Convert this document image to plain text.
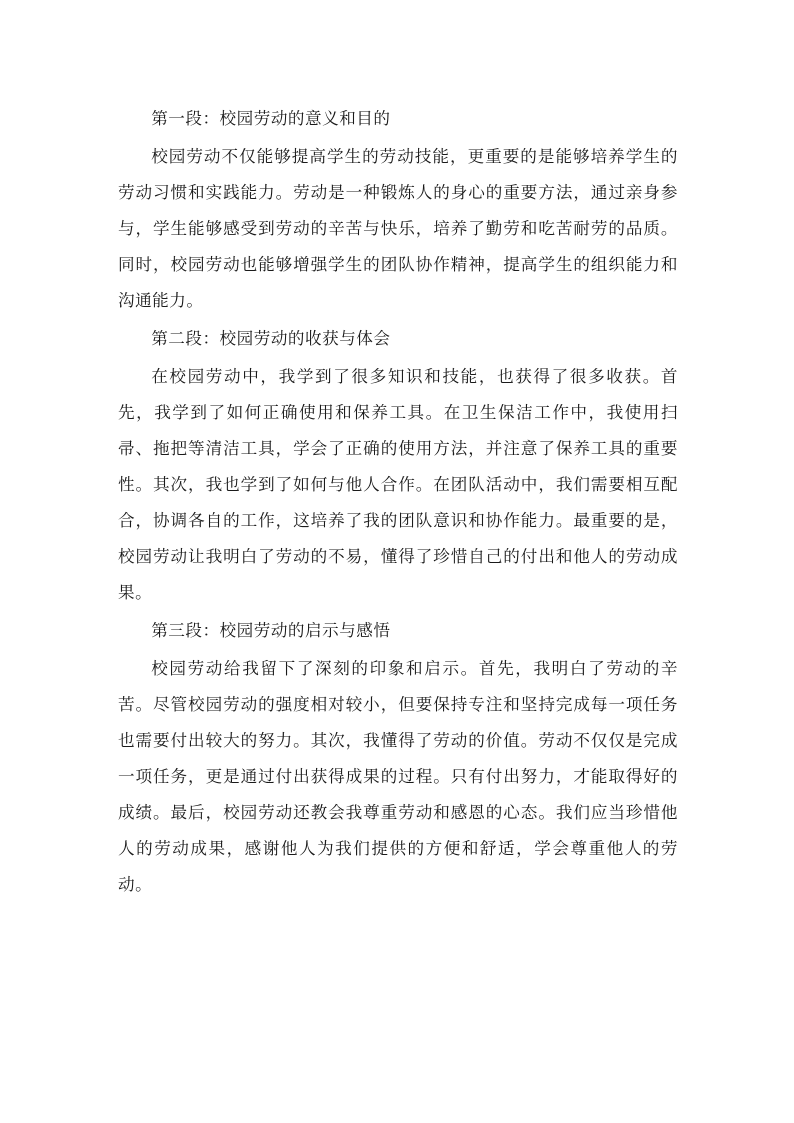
第一段：校园劳动的意义和目的

校园劳动不仅能够提高学生的劳动技能，更重要的是能够培养学生的劳动习惯和实践能力。劳动是一种锻炼人的身心的重要方法，通过亲身参与，学生能够感受到劳动的辛苦与快乐，培养了勤劳和吃苦耐劳的品质。同时，校园劳动也能够增强学生的团队协作精神，提高学生的组织能力和沟通能力。

第二段：校园劳动的收获与体会

在校园劳动中，我学到了很多知识和技能，也获得了很多收获。首先，我学到了如何正确使用和保养工具。在卫生保洁工作中，我使用扫帚、拖把等清洁工具，学会了正确的使用方法，并注意了保养工具的重要性。其次，我也学到了如何与他人合作。在团队活动中，我们需要相互配合，协调各自的工作，这培养了我的团队意识和协作能力。最重要的是，校园劳动让我明白了劳动的不易，懂得了珍惜自己的付出和他人的劳动成果。

第三段：校园劳动的启示与感悟

校园劳动给我留下了深刻的印象和启示。首先，我明白了劳动的辛苦。尽管校园劳动的强度相对较小，但要保持专注和坚持完成每一项任务也需要付出较大的努力。其次，我懂得了劳动的价值。劳动不仅仅是完成一项任务，更是通过付出获得成果的过程。只有付出努力，才能取得好的成绩。最后，校园劳动还教会我尊重劳动和感恩的心态。我们应当珍惜他人的劳动成果，感谢他人为我们提供的方便和舒适，学会尊重他人的劳动。
